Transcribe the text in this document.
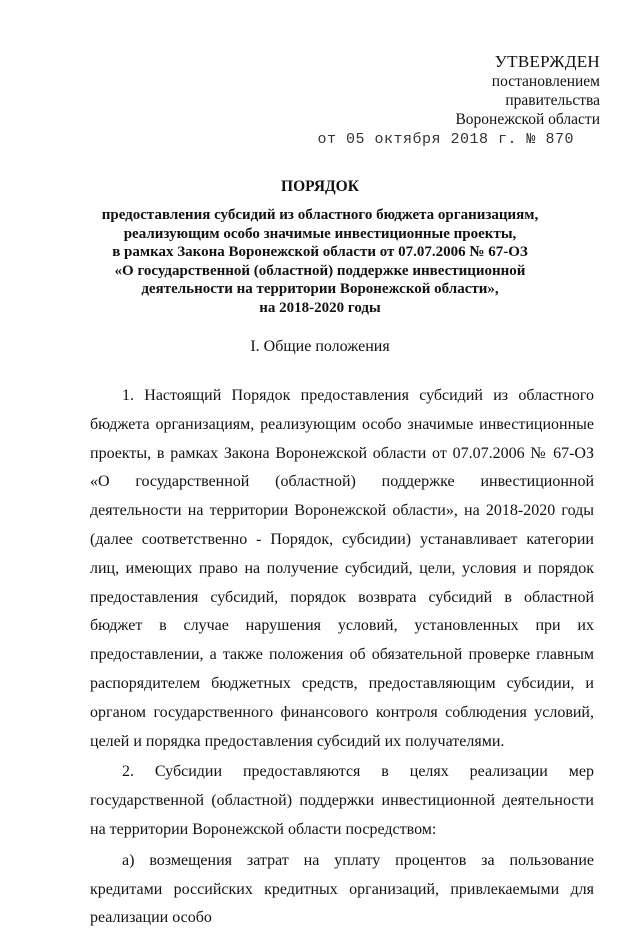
УТВЕРЖДЕН
постановлением
правительства
Воронежской области
от 05 октября 2018 г. № 870
ПОРЯДОК
предоставления субсидий из областного бюджета организациям,
реализующим особо значимые инвестиционные проекты,
в рамках Закона Воронежской области от 07.07.2006 № 67-ОЗ
«О государственной (областной) поддержке инвестиционной
деятельности на территории Воронежской области»,
на 2018-2020 годы
I. Общие положения

1. Настоящий Порядок предоставления субсидий из областного бюджета организациям, реализующим особо значимые инвестиционные проекты, в рамках Закона Воронежской области от 07.07.2006 № 67-ОЗ «О государственной (областной) поддержке инвестиционной деятельности на территории Воронежской области», на 2018-2020 годы (далее соответственно - Порядок, субсидии) устанавливает категории лиц, имеющих право на получение субсидий, цели, условия и порядок предоставления субсидий, порядок возврата субсидий в областной бюджет в случае нарушения условий, установленных при их предоставлении, а также положения об обязательной проверке главным распорядителем бюджетных средств, предоставляющим субсидии, и органом государственного финансового контроля соблюдения условий, целей и порядка предоставления субсидий их получателями.

2. Субсидии предоставляются в целях реализации мер государственной (областной) поддержки инвестиционной деятельности на территории Воронежской области посредством:

а) возмещения затрат на уплату процентов за пользование кредитами российских кредитных организаций, привлекаемыми для реализации особо
